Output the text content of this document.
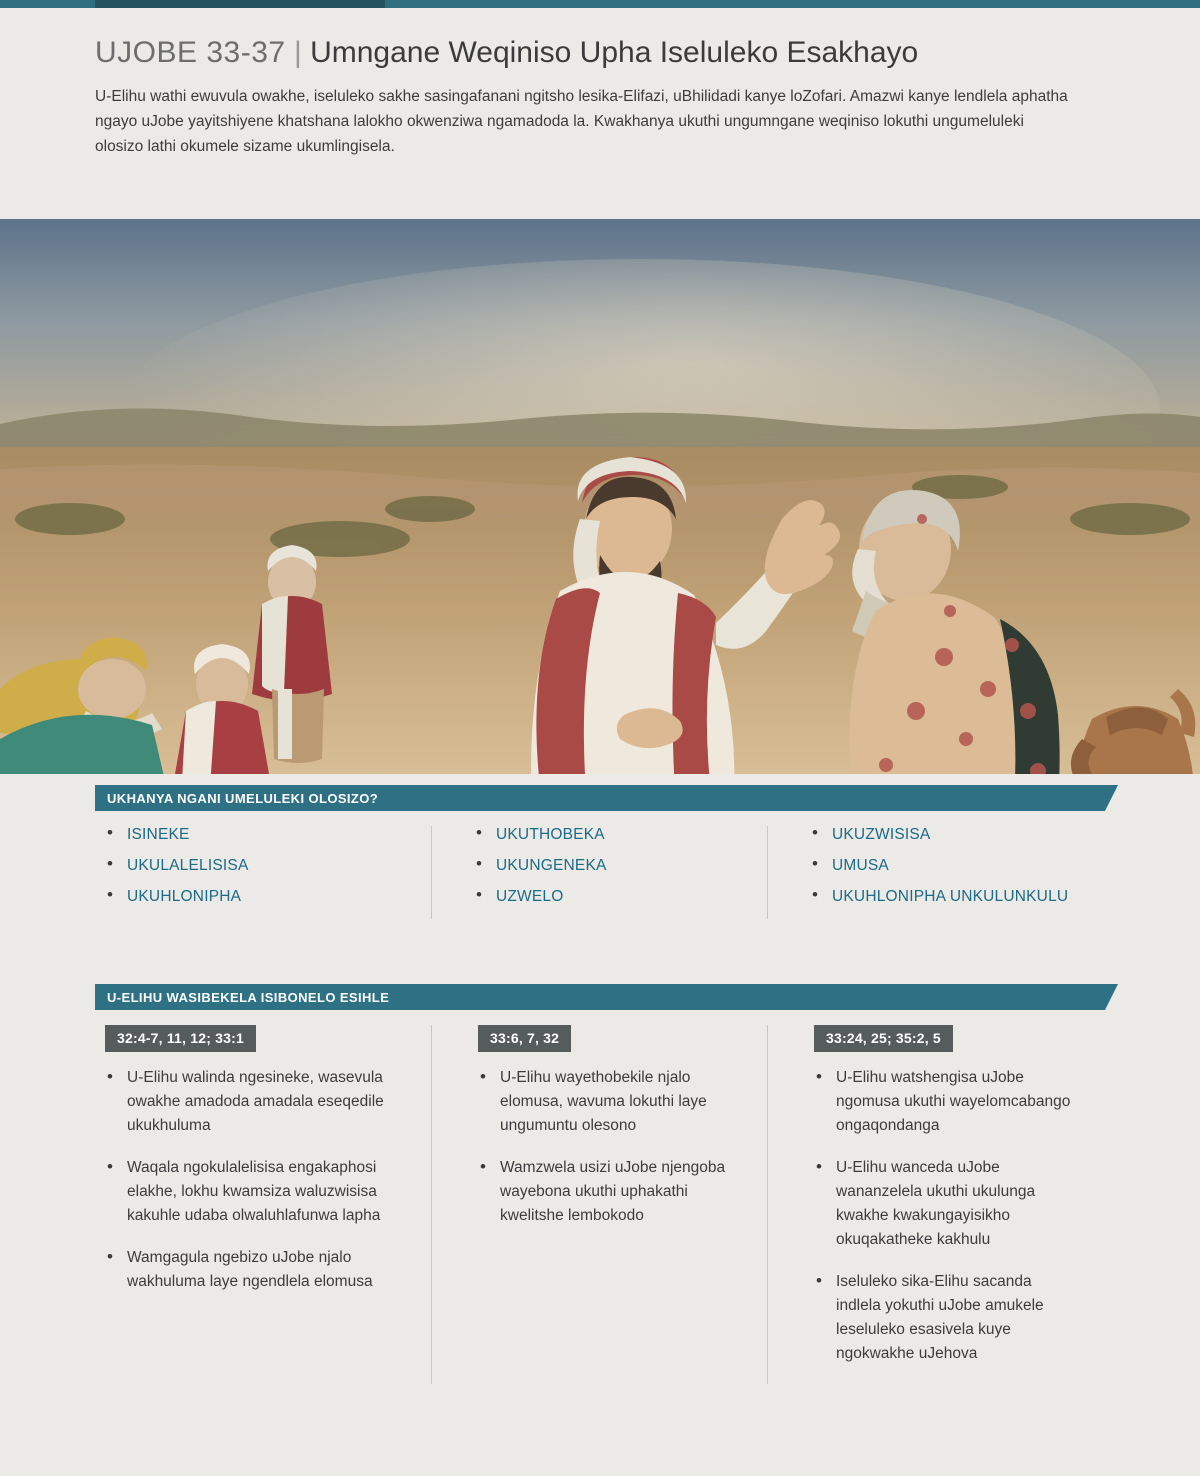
UJOBE 33-37 | Umngane Weqiniso Upha Iseluleko Esakhayo
U-Elihu wathi ewuvula owakhe, iseluleko sakhe sasingafanani ngitsho lesika-Elifazi, uBhilidadi kanye loZofari. Amazwi kanye lendlela aphatha ngayo uJobe yayitshiyene khatshana lalokho okwenziwa ngamadoda la. Kwakhanya ukuthi ungumngane weqiniso lokuthi ungumeluleki olosizo lathi okumele sizame ukumlingisela.
UKHANYA NGANI UMELULEKI OLOSIZO?
• ISINEKE
• UKULALELISISA
• UKUHLONIPHA
• UKUTHOBEKA
• UKUNGENEKA
• UZWELO
• UKUZWISISA
• UMUSA
• UKUHLONIPHA UNKULUNKULU
U-ELIHU WASIBEKELA ISIBONELO ESIHLE
32:4-7, 11, 12; 33:1
• U-Elihu walinda ngesineke, wasevula owakhe amadoda amadala eseqedile ukukhuluma
• Waqala ngokulalelisisa engakaphosi elakhe, lokhu kwamsiza waluzwisisa kakuhle udaba olwaluhlafunwa lapha
• Wamgagula ngebizo uJobe njalo wakhuluma laye ngendlela elomusa
33:6, 7, 32
• U-Elihu wayethobekile njalo elomusa, wavuma lokuthi laye ungumuntu olesono
• Wamzwela usizi uJobe njengoba wayebona ukuthi uphakathi kwelitshe lembokodo
33:24, 25; 35:2, 5
• U-Elihu watshengisa uJobe ngomusa ukuthi wayelomcabango ongaqondanga
• U-Elihu wanceda uJobe wananzelela ukuthi ukulunga kwakhe kwakungayisikho okuqakatheke kakhulu
• Iseluleko sika-Elihu sacanda indlela yokuthi uJobe amukele leseluleko esasivela kuye ngokwakhe uJehova
